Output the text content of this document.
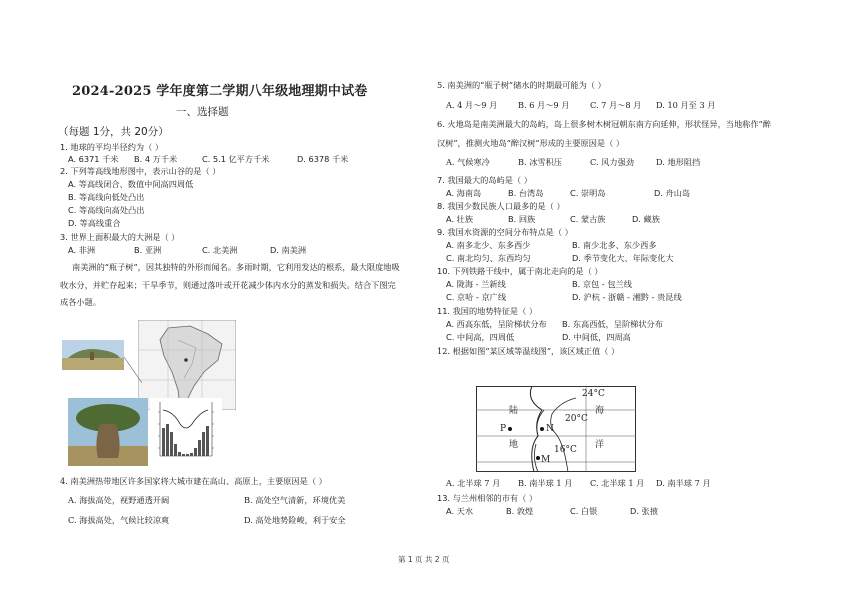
2024-2025 学年度第二学期八年级地理期中试卷
一、选择题
（每题 1分，共 20分）
1. 地球的平均半径约为（ ）
A. 6371 千米 B. 4 万千米	C. 5.1 亿平方千米	D. 6378 千米
2. 下列等高线地形图中，表示山谷的是（ ）
A. 等高线闭合、数值中间高四周低
B. 等高线向低处凸出
C. 等高线向高处凸出
D. 等高线重合
3. 世界上面积最大的大洲是（ ）
A. 非洲	B. 亚洲	C. 北美洲	D. 南美洲
南美洲的“瓶子树”，因其独特的外形而闻名。多雨时期，它利用发达的根系，最大限度地吸收水分，并贮存起来；干旱季节，则通过落叶或开花减少体内水分的蒸发和损失。结合下图完成各小题。
4. 南美洲热带地区许多国家将大城市建在高山、高原上，主要原因是（ ）
A. 海拔高处，视野通透开阔	B. 高处空气清新，环境优美
C. 海拔高处，气候比较凉爽	D. 高处地势险峻，利于安全
5. 南美洲的“瓶子树”储水的时期最可能为（ ）
A. 4 月～9 月	B. 6 月～9 月	C. 7 月～8 月 D. 10 月至 3 月
6. 火地岛是南美洲最大的岛屿，岛上很多树木树冠朝东南方向延伸，形状怪异，当地称作“醉
汉树”，推测火地岛“醉汉树”形成的主要原因是（ ）
A. 气候寒冷	B. 冰雪积压	C. 风力强劲	D. 地形阻挡
7. 我国最大的岛屿是（ ）
A. 海南岛	B. 台湾岛	C. 崇明岛	D. 舟山岛
8. 我国少数民族人口最多的是（ ）
A. 壮族	B. 回族	C. 蒙古族	D. 藏族
9. 我国水资源的空间分布特点是（ ）
A. 南多北少、东多西少	B. 南少北多、东少西多
C. 南北均匀、东西均匀	D. 季节变化大、年际变化大
10. 下列铁路干线中，属于南北走向的是（ ）
A. 陇海 - 兰新线	B. 京包 - 包兰线
C. 京哈 - 京广线	D. 沪杭 - 浙赣 - 湘黔 - 贵昆线
11. 我国的地势特征是（ ）
A. 西高东低，呈阶梯状分布 B. 东高西低，呈阶梯状分布
C. 中间高，四周低	D. 中间低，四周高
12. 根据如图“某区域等温线图”，该区域正值（ ）
24°C
20°C
16°C
陆
地
海
洋
P	N
M
A. 北半球 7 月 B. 南半球 1 月 C. 北半球 1 月 D. 南半球 7 月
13. 与兰州相邻的市有（ ）
A. 天水	B. 敦煌	C. 白银	D. 张掖
第 1 页 共 2 页
